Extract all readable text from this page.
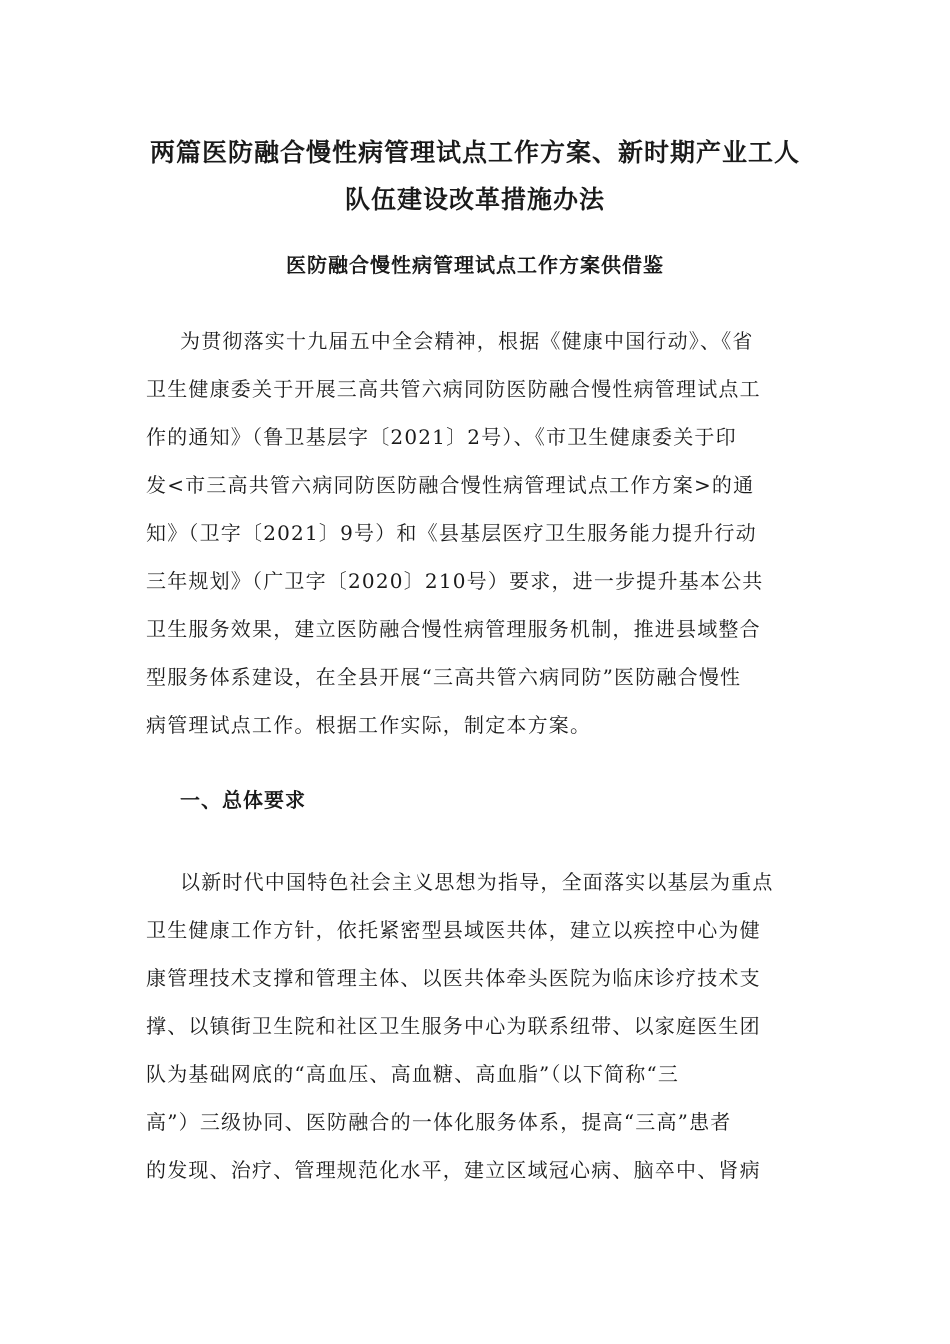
两篇医防融合慢性病管理试点工作方案、新时期产业工人
队伍建设改革措施办法
医防融合慢性病管理试点工作方案供借鉴
为贯彻落实十九届五中全会精神，根据《健康中国行动》、《省
卫生健康委关于开展三高共管六病同防医防融合慢性病管理试点工
作的通知》（鲁卫基层字〔2021〕2号）、《市卫生健康委关于印
发<市三高共管六病同防医防融合慢性病管理试点工作方案>的通
知》（卫字〔2021〕9号）和《县基层医疗卫生服务能力提升行动
三年规划》（广卫字〔2020〕210号）要求，进一步提升基本公共
卫生服务效果，建立医防融合慢性病管理服务机制，推进县域整合
型服务体系建设，在全县开展“三高共管六病同防”医防融合慢性
病管理试点工作。根据工作实际，制定本方案。
一、总体要求
以新时代中国特色社会主义思想为指导，全面落实以基层为重点
卫生健康工作方针，依托紧密型县域医共体，建立以疾控中心为健
康管理技术支撑和管理主体、以医共体牵头医院为临床诊疗技术支
撑、以镇街卫生院和社区卫生服务中心为联系纽带、以家庭医生团
队为基础网底的“高血压、高血糖、高血脂”（以下简称“三
高”）三级协同、医防融合的一体化服务体系，提高“三高”患者
的发现、治疗、管理规范化水平，建立区域冠心病、脑卒中、肾病
